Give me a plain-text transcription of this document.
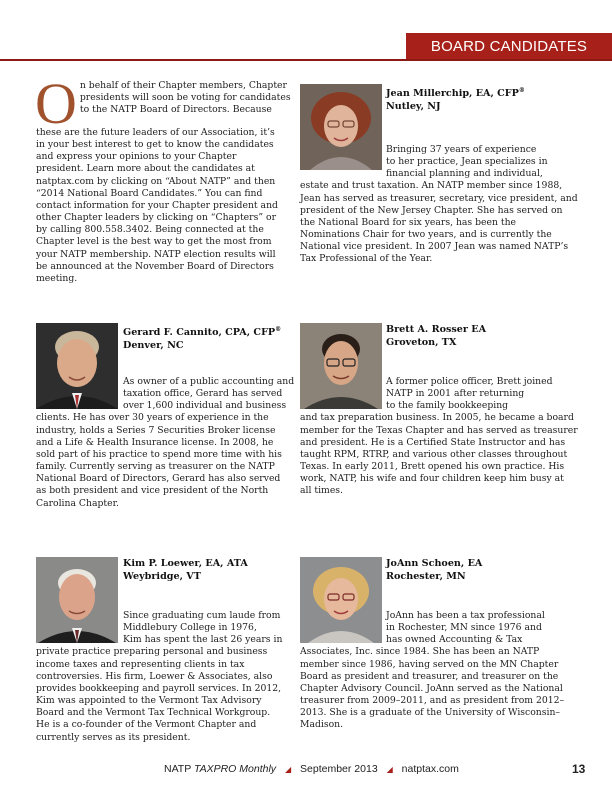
BOARD CANDIDATES
O n behalf of their Chapter members, Chapter
presidents will soon be voting for candidates
to the NATP Board of Directors. Because

these are the future leaders of our Association, it’s in your best interest to get to know the candidates and express your opinions to your Chapter president. Learn more about the candidates at natptax.com by clicking on “About NATP” and then “2014 National Board Candidates.” You can find contact information for your Chapter president and other Chapter leaders by clicking on “Chapters” or by calling 800.558.3402. Being connected at the Chapter level is the best way to get the most from your NATP membership. NATP election results will be announced at the November Board of Directors meeting.

Jean Millerchip, EA, CFP®
Nutley, NJ
Bringing 37 years of experience
to her practice, Jean specializes in
financial planning and individual,
estate and trust taxation. An NATP member since 1988, Jean has served as treasurer, secretary, vice president, and president of the New Jersey Chapter. She has served on the National Board for six years, has been the Nominations Chair for two years, and is currently the National vice president. In 2007 Jean was named NATP’s Tax Professional of the Year.
Gerard F. Cannito, CPA, CFP®
Denver, NC
As owner of a public accounting and
taxation office, Gerard has served
over 1,600 individual and business
clients. He has over 30 years of experience in the industry, holds a Series 7 Securities Broker license and a Life & Health Insurance license. In 2008, he sold part of his practice to spend more time with his family. Currently serving as treasurer on the NATP National Board of Directors, Gerard has also served as both president and vice president of the North Carolina Chapter.
Brett A. Rosser EA
Groveton, TX
A former police officer, Brett joined
NATP in 2001 after returning
to the family bookkeeping
and tax preparation business. In 2005, he became a board member for the Texas Chapter and has served as treasurer and president. He is a Certified State Instructor and has taught RPM, RTRP, and various other classes throughout Texas. In early 2011, Brett opened his own practice. His work, NATP, his wife and four children keep him busy at all times.
Kim P. Loewer, EA, ATA
Weybridge, VT
Since graduating cum laude from
Middlebury College in 1976,
Kim has spent the last 26 years in
private practice preparing personal and business income taxes and representing clients in tax controversies. His firm, Loewer & Associates, also provides bookkeeping and payroll services. In 2012, Kim was appointed to the Vermont Tax Advisory Board and the Vermont Tax Technical Workgroup. He is a co-founder of the Vermont Chapter and currently serves as its president.
JoAnn Schoen, EA
Rochester, MN
JoAnn has been a tax professional
in Rochester, MN since 1976 and
has owned Accounting & Tax
Associates, Inc. since 1984. She has been an NATP member since 1986, having served on the MN Chapter Board as president and treasurer, and treasurer on the Chapter Advisory Council. JoAnn served as the National treasurer from 2009–2011, and as president from 2012–2013. She is a graduate of the University of Wisconsin–Madison.
NATP TAXPRO Monthly ◢ September 2013 ◢ natptax.com	13
